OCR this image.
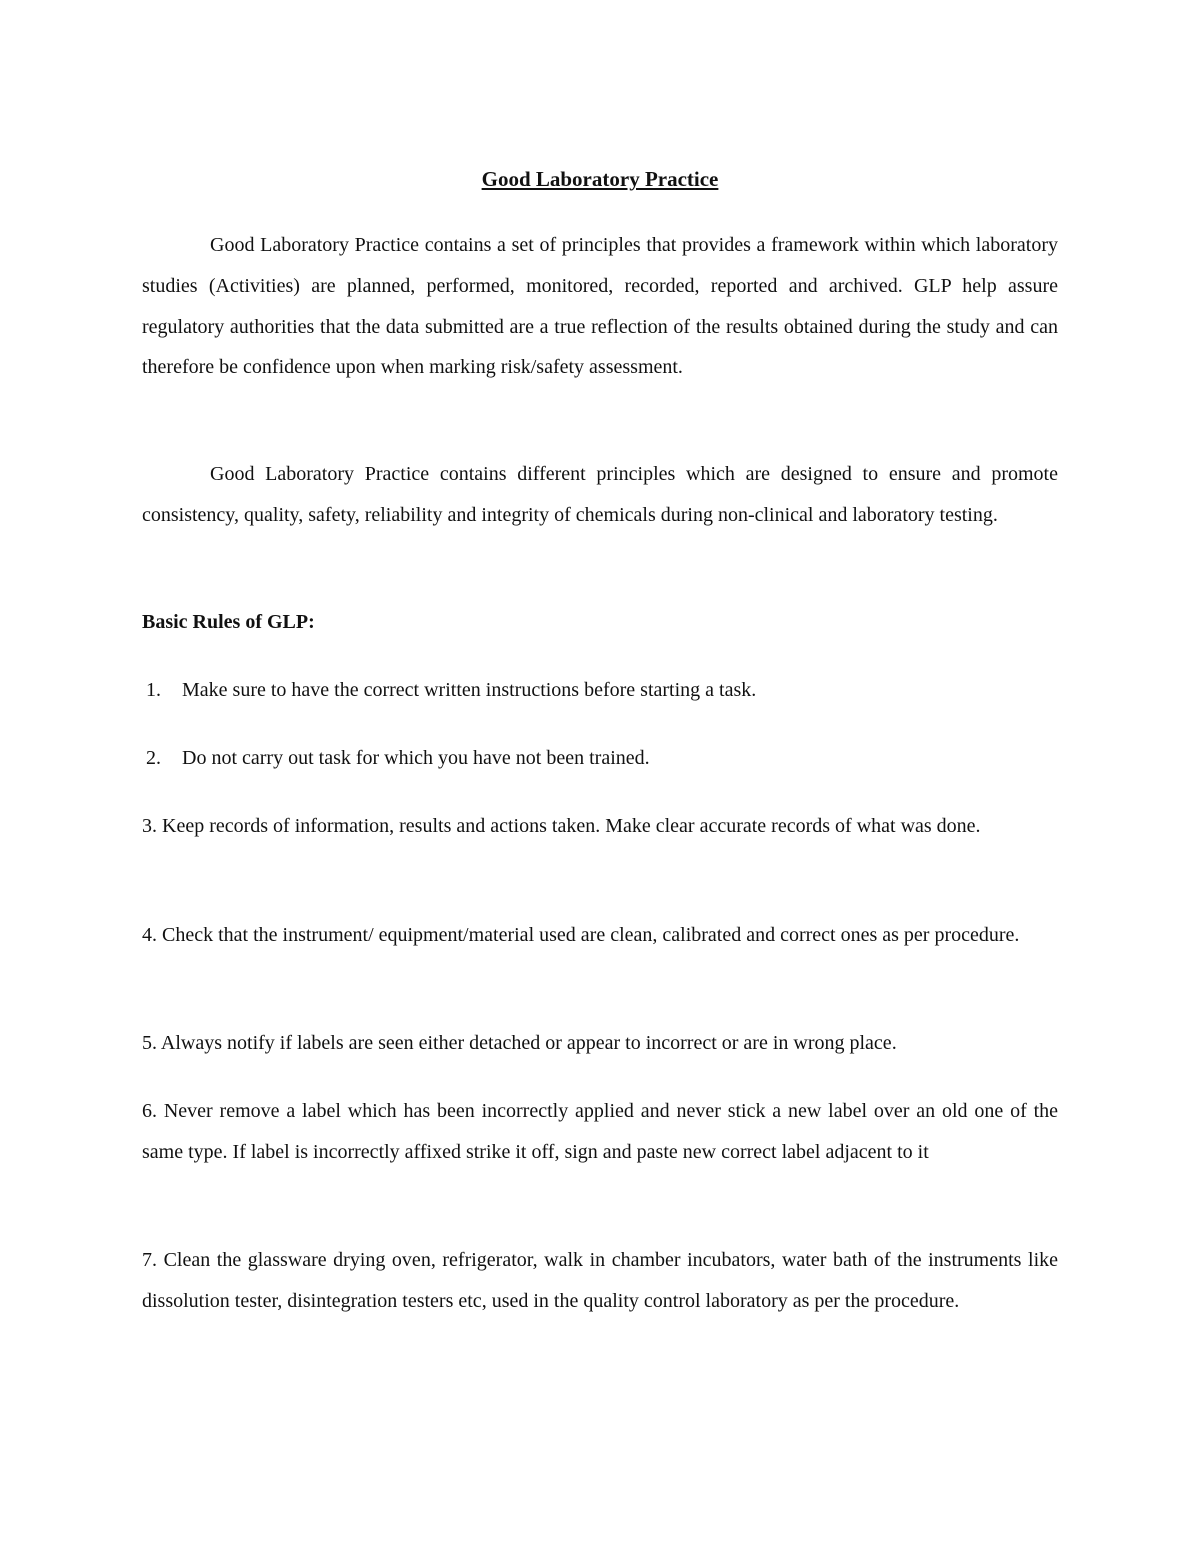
Good Laboratory Practice

Good Laboratory Practice contains a set of principles that provides a framework within which laboratory studies (Activities) are planned, performed, monitored, recorded, reported and archived. GLP help assure regulatory authorities that the data submitted are a true reflection of the results obtained during the study and can therefore be confidence upon when marking risk/safety assessment.

Good Laboratory Practice contains different principles which are designed to ensure and promote consistency, quality, safety, reliability and integrity of chemicals during non-clinical and laboratory testing.

Basic Rules of GLP:

1. Make sure to have the correct written instructions before starting a task.

2. Do not carry out task for which you have not been trained.

3. Keep records of information, results and actions taken. Make clear accurate records of what was done.

4. Check that the instrument/ equipment/material used are clean, calibrated and correct ones as per procedure.

5. Always notify if labels are seen either detached or appear to incorrect or are in wrong place.

6. Never remove a label which has been incorrectly applied and never stick a new label over an old one of the same type. If label is incorrectly affixed strike it off, sign and paste new correct label adjacent to it

7. Clean the glassware drying oven, refrigerator, walk in chamber incubators, water bath of the instruments like dissolution tester, disintegration testers etc, used in the quality control laboratory as per the procedure.
